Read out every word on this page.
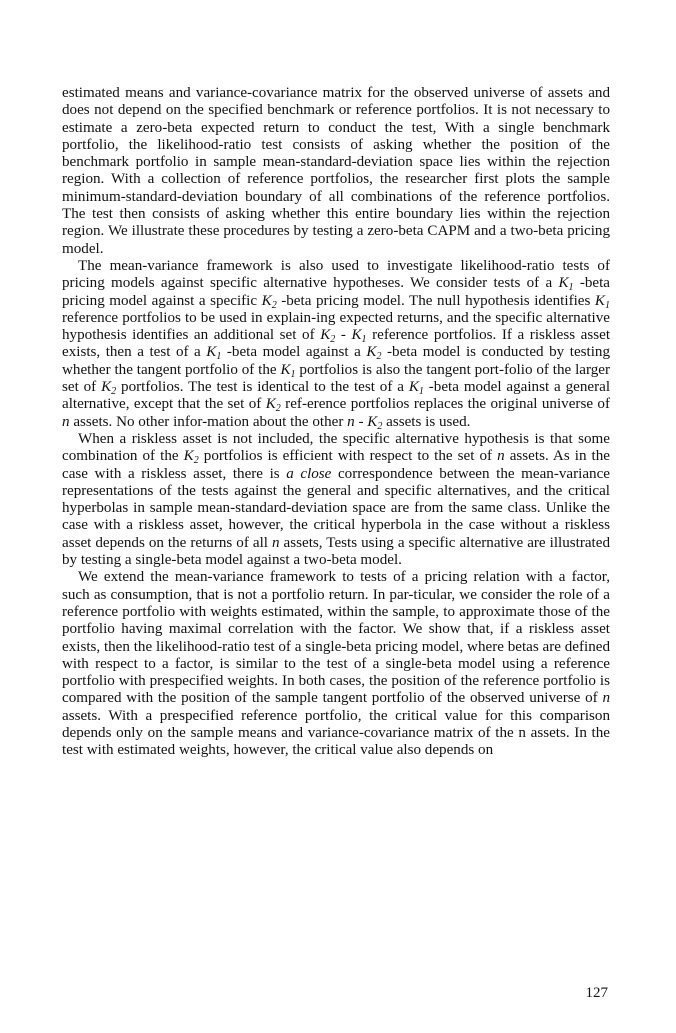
estimated means and variance-covariance matrix for the observed universe of assets and does not depend on the specified benchmark or reference portfolios. It is not necessary to estimate a zero-beta expected return to conduct the test, With a single benchmark portfolio, the likelihood-ratio test consists of asking whether the position of the benchmark portfolio in sample mean-standard-deviation space lies within the rejection region. With a collection of reference portfolios, the researcher first plots the sample minimum-standard-deviation boundary of all combinations of the reference portfolios. The test then consists of asking whether this entire boundary lies within the rejection region. We illustrate these procedures by testing a zero-beta CAPM and a two-beta pricing model.

The mean-variance framework is also used to investigate likelihood-ratio tests of pricing models against specific alternative hypotheses. We consider tests of a $K_1$ -beta pricing model against a specific $K_2$ -beta pricing model. The null hypothesis identifies $K_1$ reference portfolios to be used in explain-ing expected returns, and the specific alternative hypothesis identifies an additional set of $K_2 - K_1$ reference portfolios. If a riskless asset exists, then a test of a $K_1$ -beta model against a $K_2$ -beta model is conducted by testing whether the tangent portfolio of the $K_1$ portfolios is also the tangent port-folio of the larger set of $K_2$ portfolios. The test is identical to the test of a $K_1$ -beta model against a general alternative, except that the set of $K_2$ ref-erence portfolios replaces the original universe of n assets. No other infor-mation about the other n - $K_2$ assets is used.

When a riskless asset is not included, the specific alternative hypothesis is that some combination of the $K_2$ portfolios is efficient with respect to the set of n assets. As in the case with a riskless asset, there is a close correspondence between the mean-variance representations of the tests against the general and specific alternatives, and the critical hyperbolas in sample mean-standard-deviation space are from the same class. Unlike the case with a riskless asset, however, the critical hyperbola in the case without a riskless asset depends on the returns of all n assets, Tests using a specific alternative are illustrated by testing a single-beta model against a two-beta model.

We extend the mean-variance framework to tests of a pricing relation with a factor, such as consumption, that is not a portfolio return. In par-ticular, we consider the role of a reference portfolio with weights estimated, within the sample, to approximate those of the portfolio having maximal correlation with the factor. We show that, if a riskless asset exists, then the likelihood-ratio test of a single-beta pricing model, where betas are defined with respect to a factor, is similar to the test of a single-beta model using a reference portfolio with prespecified weights. In both cases, the position of the reference portfolio is compared with the position of the sample tangent portfolio of the observed universe of n assets. With a prespecified reference portfolio, the critical value for this comparison depends only on the sample means and variance-covariance matrix of the n assets. In the test with estimated weights, however, the critical value also depends on

127
